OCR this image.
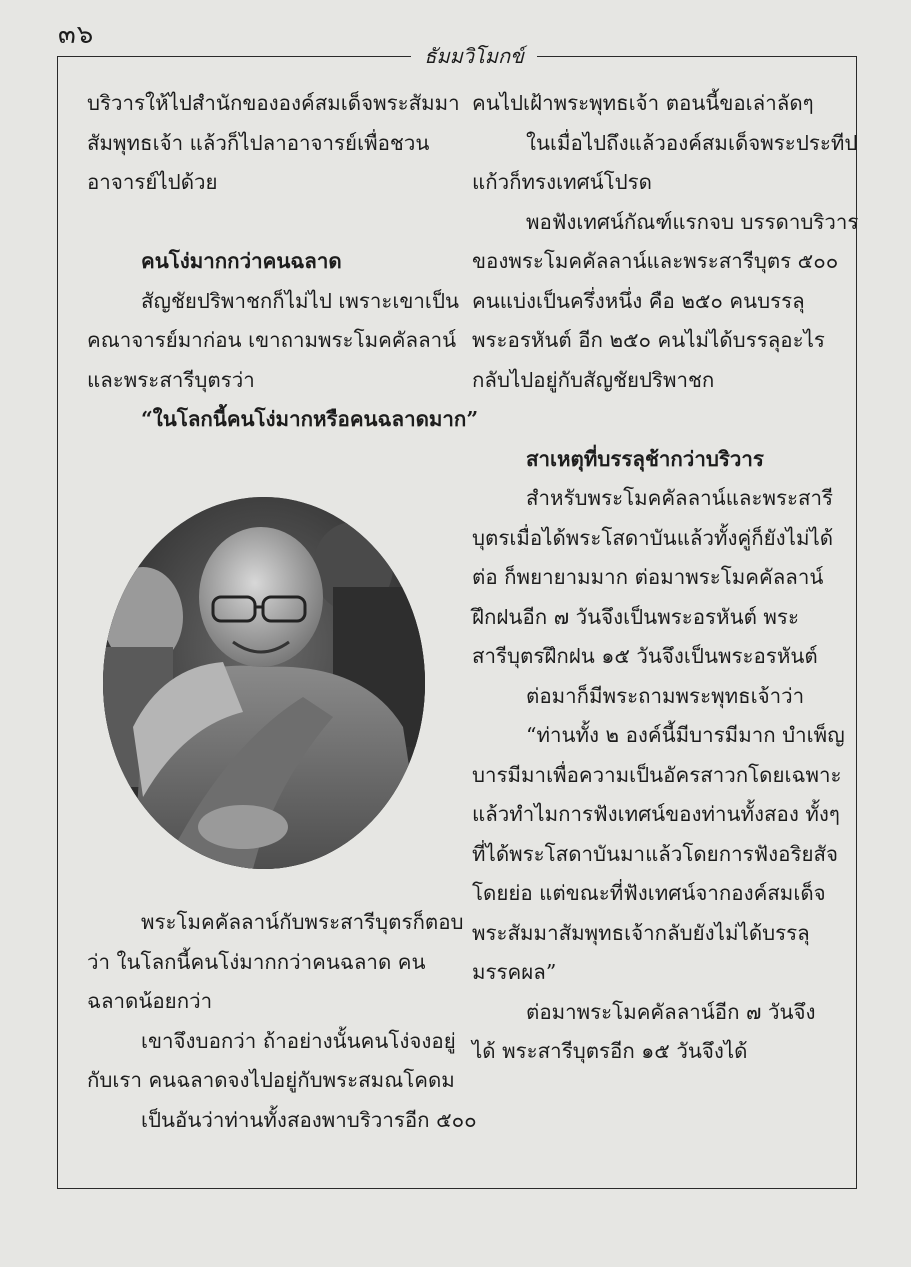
๓๖
ธัมมวิโมกข์

บริวารให้ไปสำนักขององค์สมเด็จพระสัมมา

สัมพุทธเจ้า แล้วก็ไปลาอาจารย์เพื่อชวน

อาจารย์ไปด้วย

คนโง่มากกว่าคนฉลาด

สัญชัยปริพาชกก็ไม่ไป เพราะเขาเป็น

คณาจารย์มาก่อน เขาถามพระโมคคัลลาน์

และพระสารีบุตรว่า

“ในโลกนี้คนโง่มากหรือคนฉลาดมาก”

พระโมคคัลลาน์กับพระสารีบุตรก็ตอบ

ว่า ในโลกนี้คนโง่มากกว่าคนฉลาด คน

ฉลาดน้อยกว่า

เขาจึงบอกว่า ถ้าอย่างนั้นคนโง่จงอยู่

กับเรา คนฉลาดจงไปอยู่กับพระสมณโคดม

เป็นอันว่าท่านทั้งสองพาบริวารอีก ๕๐๐

คนไปเฝ้าพระพุทธเจ้า ตอนนี้ขอเล่าลัดๆ

ในเมื่อไปถึงแล้วองค์สมเด็จพระประทีป

แก้วก็ทรงเทศน์โปรด

พอฟังเทศน์กัณฑ์แรกจบ บรรดาบริวาร

ของพระโมคคัลลาน์และพระสารีบุตร ๕๐๐

คนแบ่งเป็นครึ่งหนึ่ง คือ ๒๕๐ คนบรรลุ

พระอรหันต์ อีก ๒๕๐ คนไม่ได้บรรลุอะไร

กลับไปอยู่กับสัญชัยปริพาชก

สาเหตุที่บรรลุช้ากว่าบริวาร

สำหรับพระโมคคัลลาน์และพระสารี

บุตรเมื่อได้พระโสดาบันแล้วทั้งคู่ก็ยังไม่ได้

ต่อ ก็พยายามมาก ต่อมาพระโมคคัลลาน์

ฝึกฝนอีก ๗ วันจึงเป็นพระอรหันต์ พระ

สารีบุตรฝึกฝน ๑๕ วันจึงเป็นพระอรหันต์

ต่อมาก็มีพระถามพระพุทธเจ้าว่า

“ท่านทั้ง ๒ องค์นี้มีบารมีมาก บำเพ็ญ

บารมีมาเพื่อความเป็นอัครสาวกโดยเฉพาะ

แล้วทำไมการฟังเทศน์ของท่านทั้งสอง ทั้งๆ

ที่ได้พระโสดาบันมาแล้วโดยการฟังอริยสัจ

โดยย่อ แต่ขณะที่ฟังเทศน์จากองค์สมเด็จ

พระสัมมาสัมพุทธเจ้ากลับยังไม่ได้บรรลุ

มรรคผล”

ต่อมาพระโมคคัลลาน์อีก ๗ วันจึง

ได้ พระสารีบุตรอีก ๑๕ วันจึงได้
